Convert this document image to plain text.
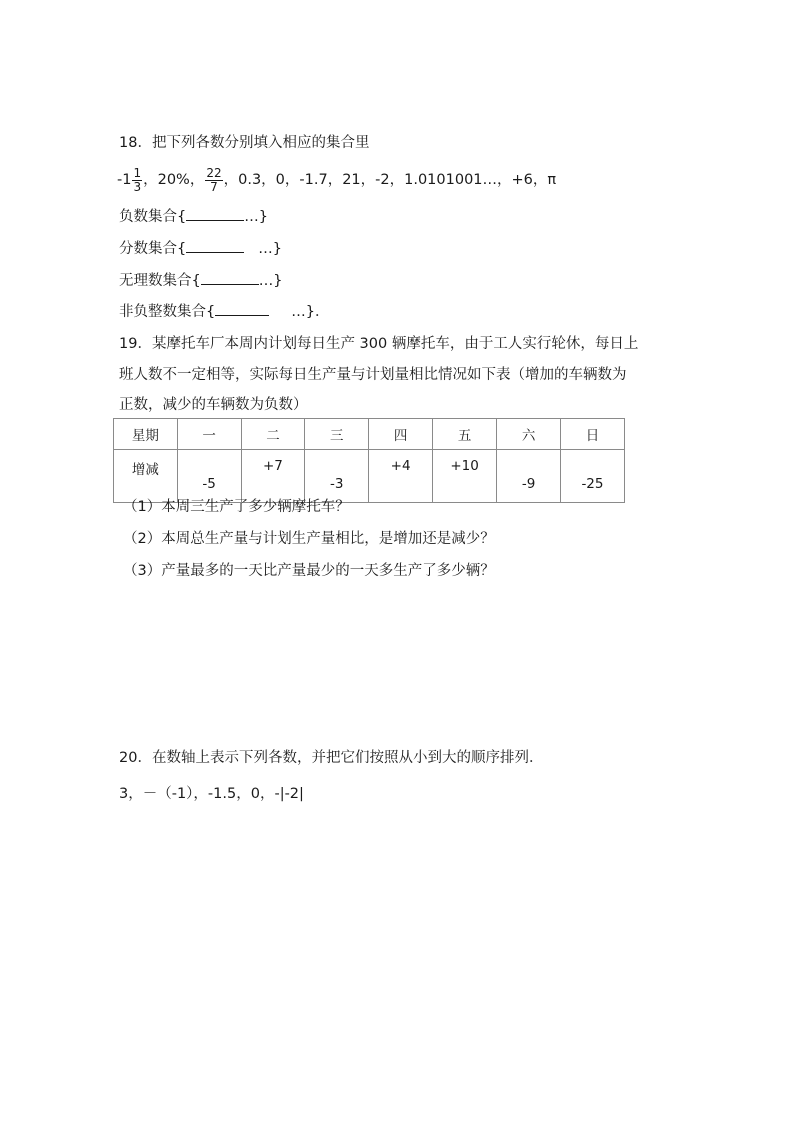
18．把下列各数分别填入相应的集合里
$-1 \frac{1}{3}$ ，20%， $\frac{22}{7}$ ，0.3，0，-1.7，21，-2，1.0101001…，+6，π
负数集合{	…}
分数集合{	…}
无理数集合{	…}
非负整数集合{	…}．
19．某摩托车厂本周内计划每日生产 300 辆摩托车，由于工人实行轮休，每日上
班人数不一定相等，实际每日生产量与计划量相比情况如下表（增加的车辆数为
正数，减少的车辆数为负数）
星期	一	二	三	四	五	六	日
增减	-5	+7	-3	+4	+10	-9	-25
（1）本周三生产了多少辆摩托车？
（2）本周总生产量与计划生产量相比，是增加还是减少？
（3）产量最多的一天比产量最少的一天多生产了多少辆？
20．在数轴上表示下列各数，并把它们按照从小到大的顺序排列．
3，－（-1），-1.5，0，-|-2|
